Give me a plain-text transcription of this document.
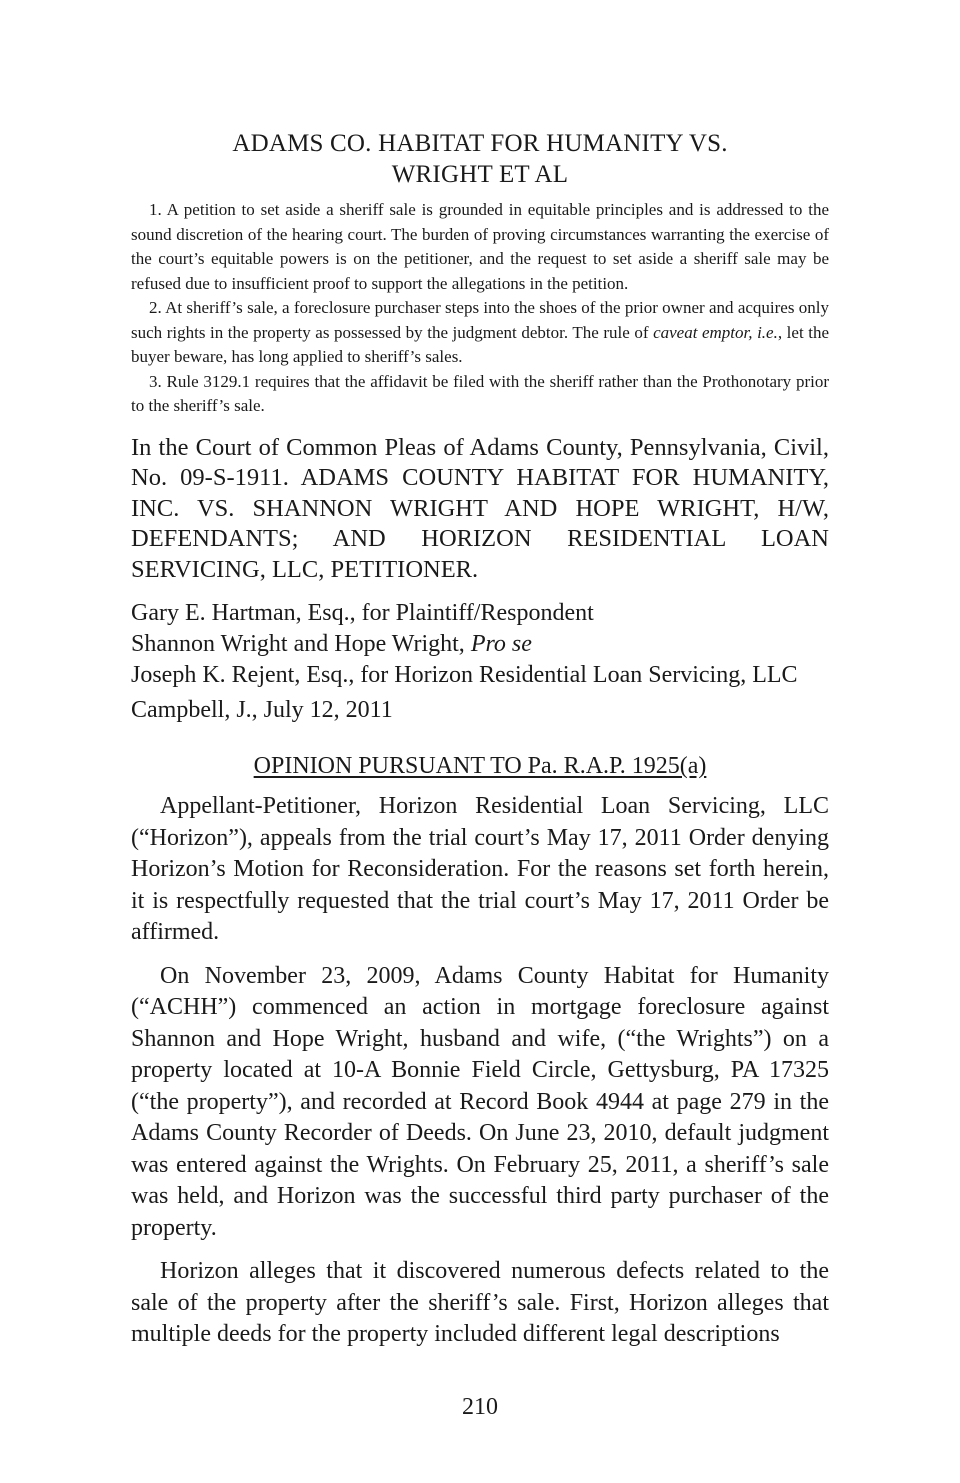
ADAMS CO. HABITAT FOR HUMANITY VS.
WRIGHT ET AL

1. A petition to set aside a sheriff sale is grounded in equitable principles and is addressed to the sound discretion of the hearing court. The burden of proving circumstances warranting the exercise of the court’s equitable powers is on the petitioner, and the request to set aside a sheriff sale may be refused due to insufficient proof to support the allegations in the petition.

2. At sheriff’s sale, a foreclosure purchaser steps into the shoes of the prior owner and acquires only such rights in the property as possessed by the judgment debtor. The rule of caveat emptor, i.e., let the buyer beware, has long applied to sheriff’s sales.

3. Rule 3129.1 requires that the affidavit be filed with the sheriff rather than the Prothonotary prior to the sheriff’s sale.

In the Court of Common Pleas of Adams County, Pennsylvania, Civil, No. 09-S-1911. ADAMS COUNTY HABITAT FOR HUMANITY, INC. VS. SHANNON WRIGHT AND HOPE WRIGHT, H/W, DEFENDANTS; AND HORIZON RESIDENTIAL LOAN SERVICING, LLC, PETITIONER.
Gary E. Hartman, Esq., for Plaintiff/Respondent
Shannon Wright and Hope Wright, Pro se
Joseph K. Rejent, Esq., for Horizon Residential Loan Servicing, LLC
Campbell, J., July 12, 2011
OPINION PURSUANT TO Pa. R.A.P. 1925(a)

Appellant-Petitioner, Horizon Residential Loan Servicing, LLC (“Horizon”), appeals from the trial court’s May 17, 2011 Order denying Horizon’s Motion for Reconsideration. For the reasons set forth herein, it is respectfully requested that the trial court’s May 17, 2011 Order be affirmed.

On November 23, 2009, Adams County Habitat for Humanity (“ACHH”) commenced an action in mortgage foreclosure against Shannon and Hope Wright, husband and wife, (“the Wrights”) on a property located at 10-A Bonnie Field Circle, Gettysburg, PA 17325 (“the property”), and recorded at Record Book 4944 at page 279 in the Adams County Recorder of Deeds. On June 23, 2010, default judgment was entered against the Wrights. On February 25, 2011, a sheriff’s sale was held, and Horizon was the successful third party purchaser of the property.

Horizon alleges that it discovered numerous defects related to the sale of the property after the sheriff’s sale. First, Horizon alleges that multiple deeds for the property included different legal descriptions

210
